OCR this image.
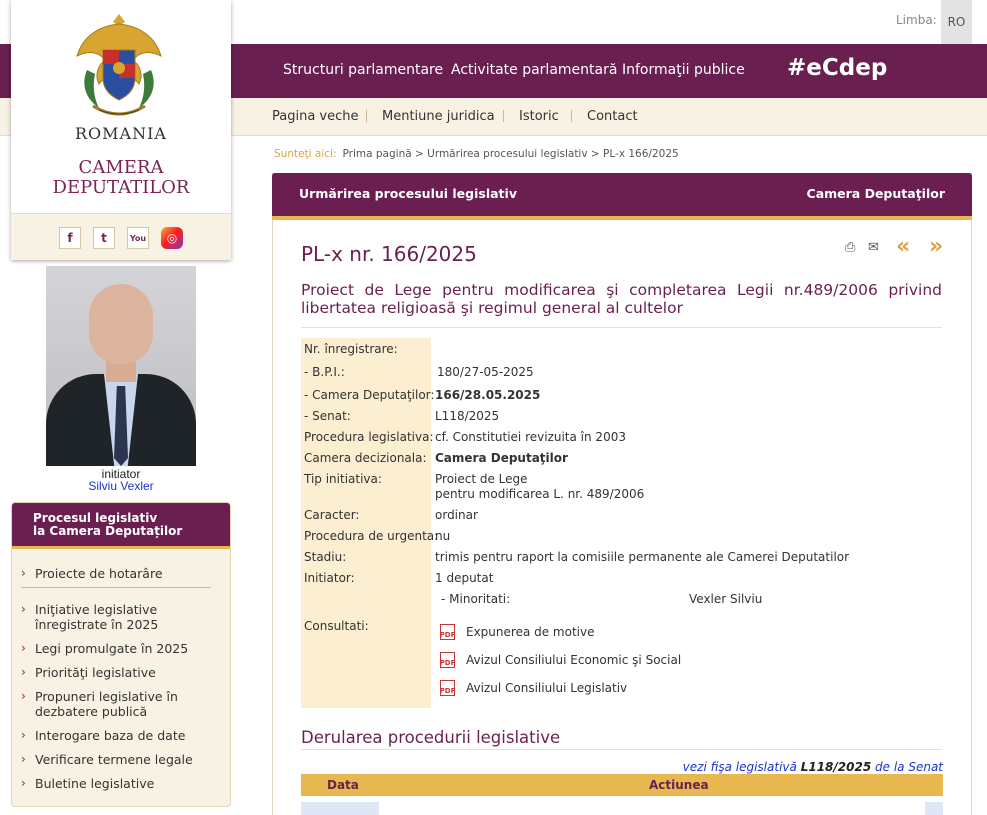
Limba: RO
Structuri parlamentare Activitate parlamentară Informaţii publice #eCdep
Pagina veche Mentiune juridica Istoric Contact
ROMANIA
CAMERA
DEPUTATILOR
f	t	You	◎
initiator
Silviu Vexler
Procesul legislativ
la Camera Deputaților
› Proiecte de hotarâre
› Iniţiative legislative înregistrate în 2025
› Legi promulgate în 2025
› Priorităţi legislative
› Propuneri legislative în dezbatere publică
› Interogare baza de date
› Verificare termene legale
› Buletine legislative
Sunteţi aici: Prima pagină > Urmărirea procesului legislativ > PL-x 166/2025
Urmărirea procesului legislativ	Camera Deputaţilor
PL-x nr. 166/2025	⎙ ✉ « »
Proiect de Lege pentru modificarea şi completarea Legii nr.489/2006 privind libertatea religioasă şi regimul general al cultelor
Nr. înregistrare:
- B.P.I.:	180/27-05-2025
- Camera Deputaţilor: 166/28.05.2025
- Senat:	L118/2025
Procedura legislativa: cf. Constitutiei revizuita în 2003
Camera decizionala: Camera Deputaţilor
Tip initiativa:	Proiect de Lege
pentru modificarea L. nr. 489/2006
Caracter:	ordinar
Procedura de urgenta:
nu
Stadiu:	trimis pentru raport la comisiile permanente ale Camerei Deputatilor
Initiator:	1 deputat
- Minoritati:	Vexler Silviu
Consultati:
PDF Expunerea de motive
PDF Avizul Consiliului Economic şi Social
PDF Avizul Consiliului Legislativ
Derularea procedurii legislative
vezi fişa legislativă L118/2025 de la Senat
Data	Actiunea
